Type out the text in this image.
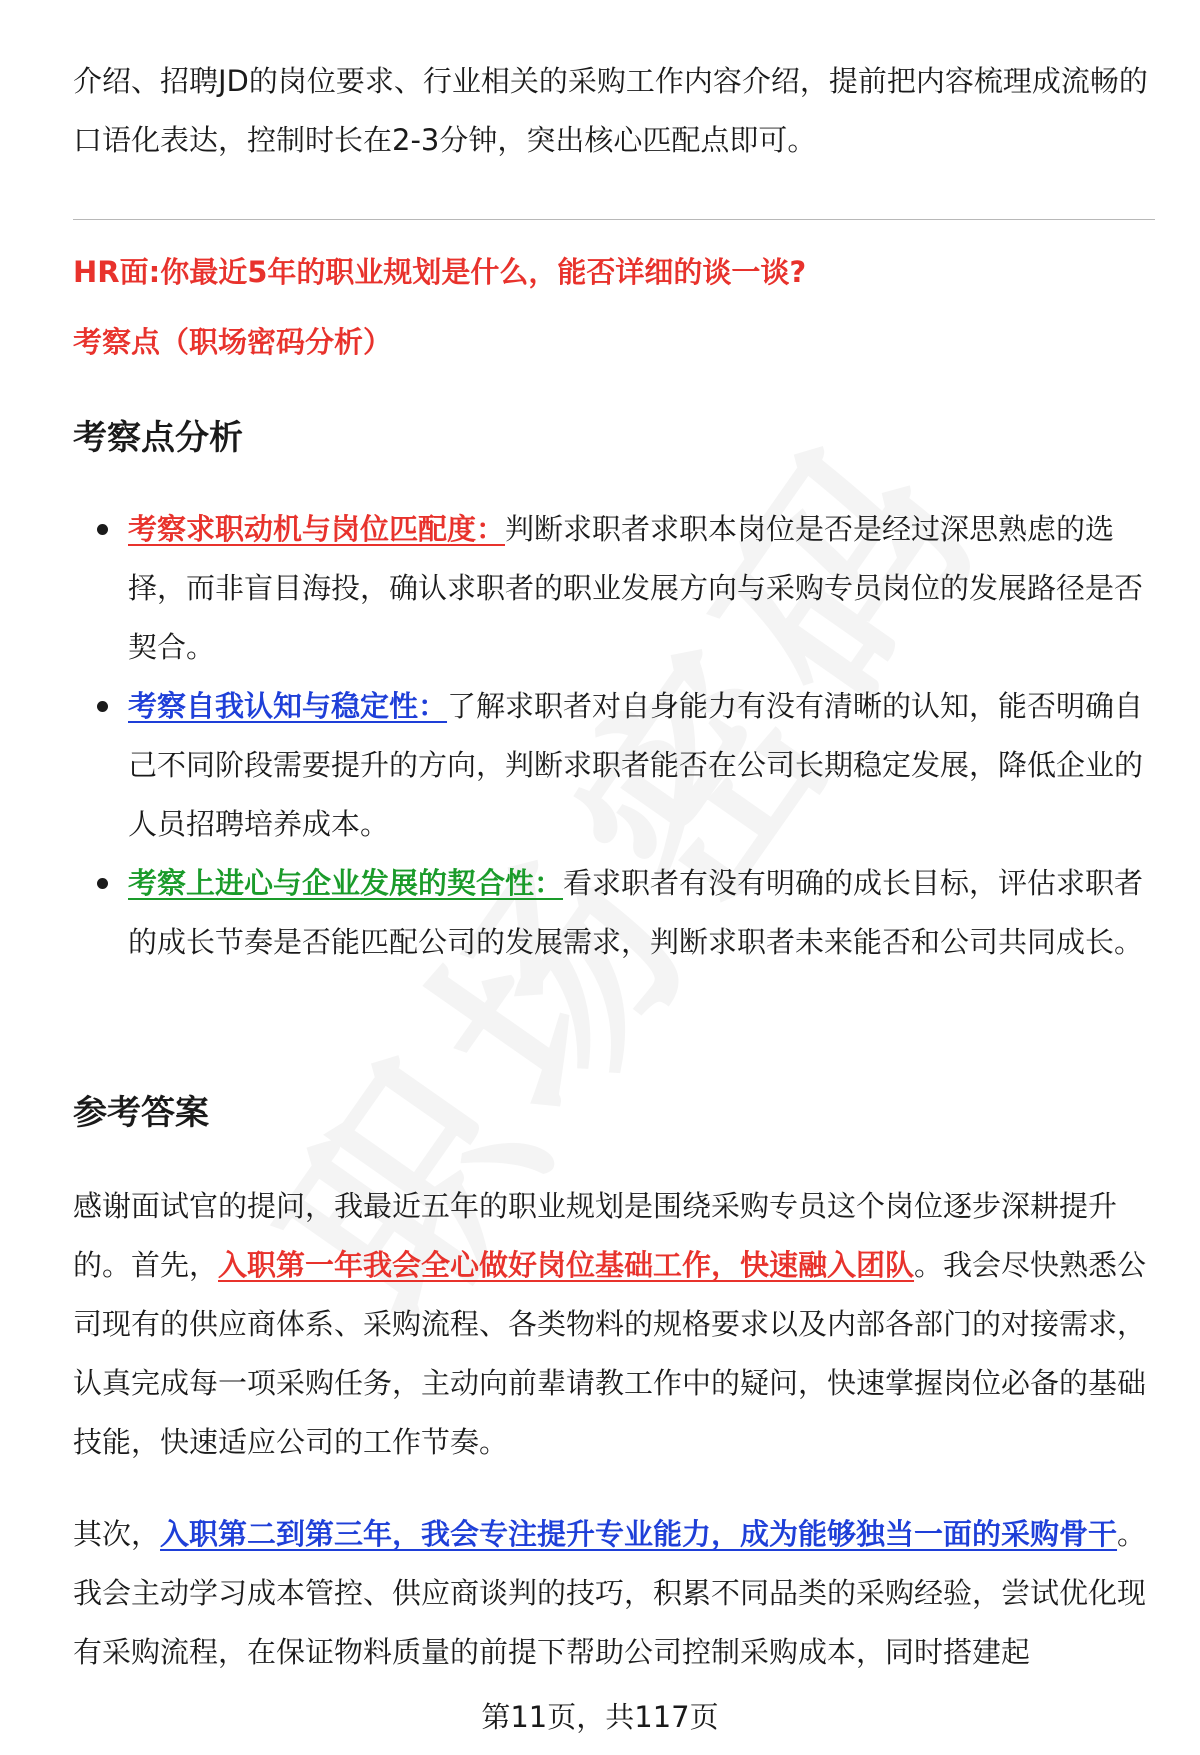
介绍、招聘JD的岗位要求、行业相关的采购工作内容介绍，提前把内容梳理成流畅的口语化表达，控制时长在2-3分钟，突出核心匹配点即可。

HR面:你最近5年的职业规划是什么，能否详细的谈一谈?
考察点（职场密码分析）
考察点分析
考察求职动机与岗位匹配度：判断求职者求职本岗位是否是经过深思熟虑的选择，而非盲目海投，确认求职者的职业发展方向与采购专员岗位的发展路径是否契合。
考察自我认知与稳定性：了解求职者对自身能力有没有清晰的认知，能否明确自己不同阶段需要提升的方向，判断求职者能否在公司长期稳定发展，降低企业的人员招聘培养成本。
考察上进心与企业发展的契合性：看求职者有没有明确的成长目标，评估求职者的成长节奏是否能匹配公司的发展需求，判断求职者未来能否和公司共同成长。
参考答案

感谢面试官的提问，我最近五年的职业规划是围绕采购专员这个岗位逐步深耕提升的。首先，入职第一年我会全心做好岗位基础工作，快速融入团队。我会尽快熟悉公司现有的供应商体系、采购流程、各类物料的规格要求以及内部各部门的对接需求，认真完成每一项采购任务，主动向前辈请教工作中的疑问，快速掌握岗位必备的基础技能，快速适应公司的工作节奏。

其次，入职第二到第三年，我会专注提升专业能力，成为能够独当一面的采购骨干。我会主动学习成本管控、供应商谈判的技巧，积累不同品类的采购经验，尝试优化现有采购流程，在保证物料质量的前提下帮助公司控制采购成本，同时搭建起

第11页，共117页
